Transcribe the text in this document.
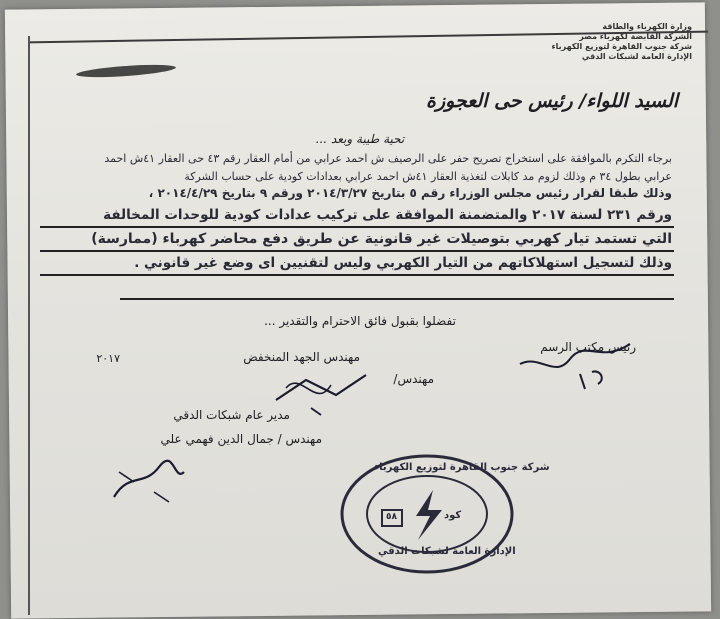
وزارة الكهرباء والطاقة
الشركة القابضة لكهرباء مصر
شركة جنوب القاهرة لتوزيع الكهرباء
الإدارة العامة لشبكات الدقي
السيد اللواء/ رئيس حى العجوزة
تحية طيبة وبعد ...
برجاء التكرم بالموافقة على استخراج تصريح حفر على الرصيف ش احمد عرابي من أمام العقار رقم ٤٣ حى العقار ٤١ش احمد
عرابي بطول ٣٤ م وذلك لزوم مد كابلات لتغذية العقار ٤١ش احمد عرابي بعدادات كودية على حساب الشركة
وذلك طبقا لقرار رئيس مجلس الوزراء رقم ٥ بتاريخ ٢٠١٤/٣/٢٧ ورقم ٩ بتاريخ ٢٠١٤/٤/٢٩ ،
ورقم ٢٣١ لسنة ٢٠١٧ والمتضمنة الموافقة على تركيب عدادات كودية للوحدات المخالفة
التي تستمد تيار كهربي بتوصيلات غير قانونية عن طريق دفع محاضر كهرباء (ممارسة)
وذلك لتسجيل استهلاكاتهم من التيار الكهربي وليس لتقنيين اى وضع غير قانوني .
تفضلوا بقبول فائق الاحترام والتقدير ...
رئيس مكتب الرسم
٢٠١٧	مهندس الجهد المنخفض
مهندس/
مدير عام شبكات الدقي
مهندس / جمال الدين فهمي علي
شركة جنوب القاهرة لتوزيع الكهرباء
كود
٥٨
الإدارة العامة لشبكات الدقي
